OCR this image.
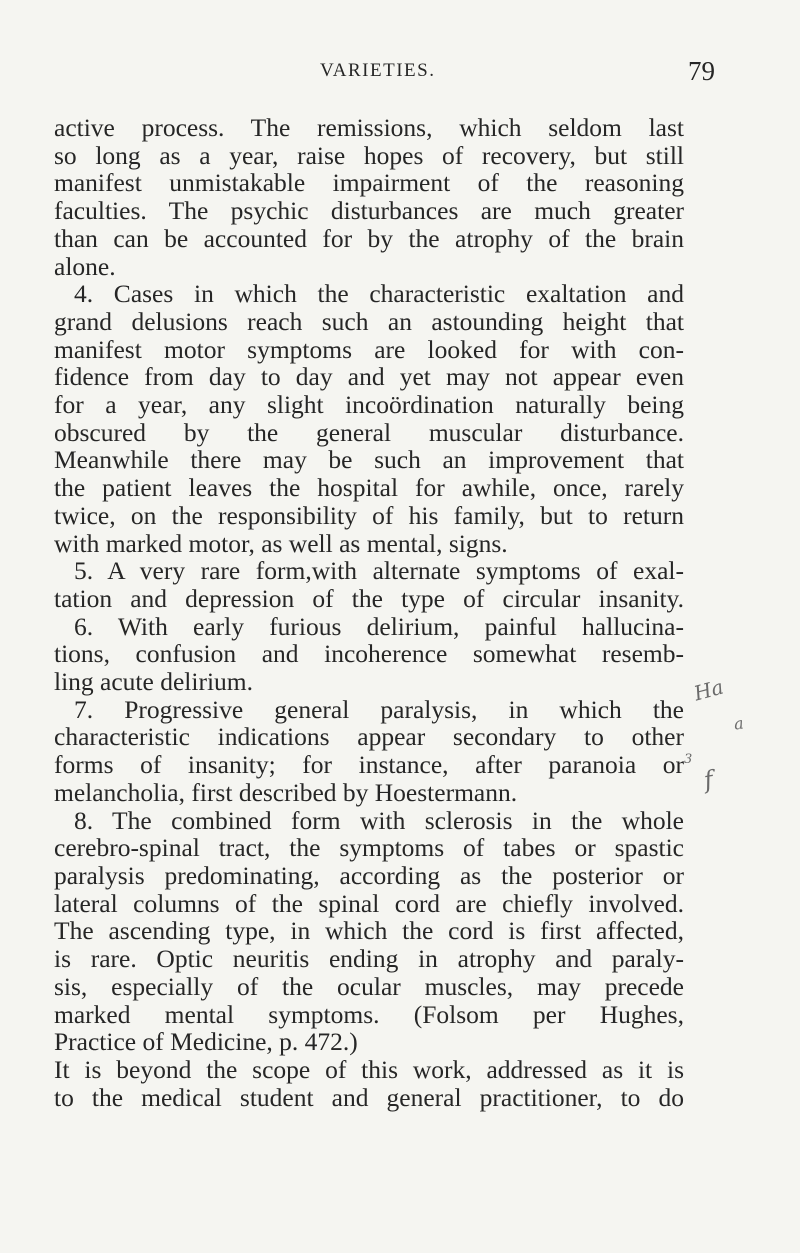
VARIETIES.	79
active process. The remissions, which seldom last
so long as a year, raise hopes of recovery, but still
manifest unmistakable impairment of the reasoning
faculties. The psychic disturbances are much greater
than can be accounted for by the atrophy of the brain
alone.
4. Cases in which the characteristic exaltation and
grand delusions reach such an astounding height that
manifest motor symptoms are looked for with con-
fidence from day to day and yet may not appear even
for a year, any slight incoördination naturally being
obscured by the general muscular disturbance.
Meanwhile there may be such an improvement that
the patient leaves the hospital for awhile, once, rarely
twice, on the responsibility of his family, but to return
with marked motor, as well as mental, signs.
5. A very rare form,with alternate symptoms of exal-
tation and depression of the type of circular insanity.
6. With early furious delirium, painful hallucina-
tions, confusion and incoherence somewhat resemb-
ling acute delirium.
7. Progressive general paralysis, in which the
characteristic indications appear secondary to other
forms of insanity; for instance, after paranoia or
melancholia, first described by Hoestermann.
8. The combined form with sclerosis in the whole
cerebro-spinal tract, the symptoms of tabes or spastic
paralysis predominating, according as the posterior or
lateral columns of the spinal cord are chiefly involved.
The ascending type, in which the cord is first affected,
is rare. Optic neuritis ending in atrophy and paraly-
sis, especially of the ocular muscles, may precede
marked mental symptoms. (Folsom per Hughes,
Practice of Medicine, p. 472.)
It is beyond the scope of this work, addressed as it is
to the medical student and general practitioner, to do
Ha
a
3
f
